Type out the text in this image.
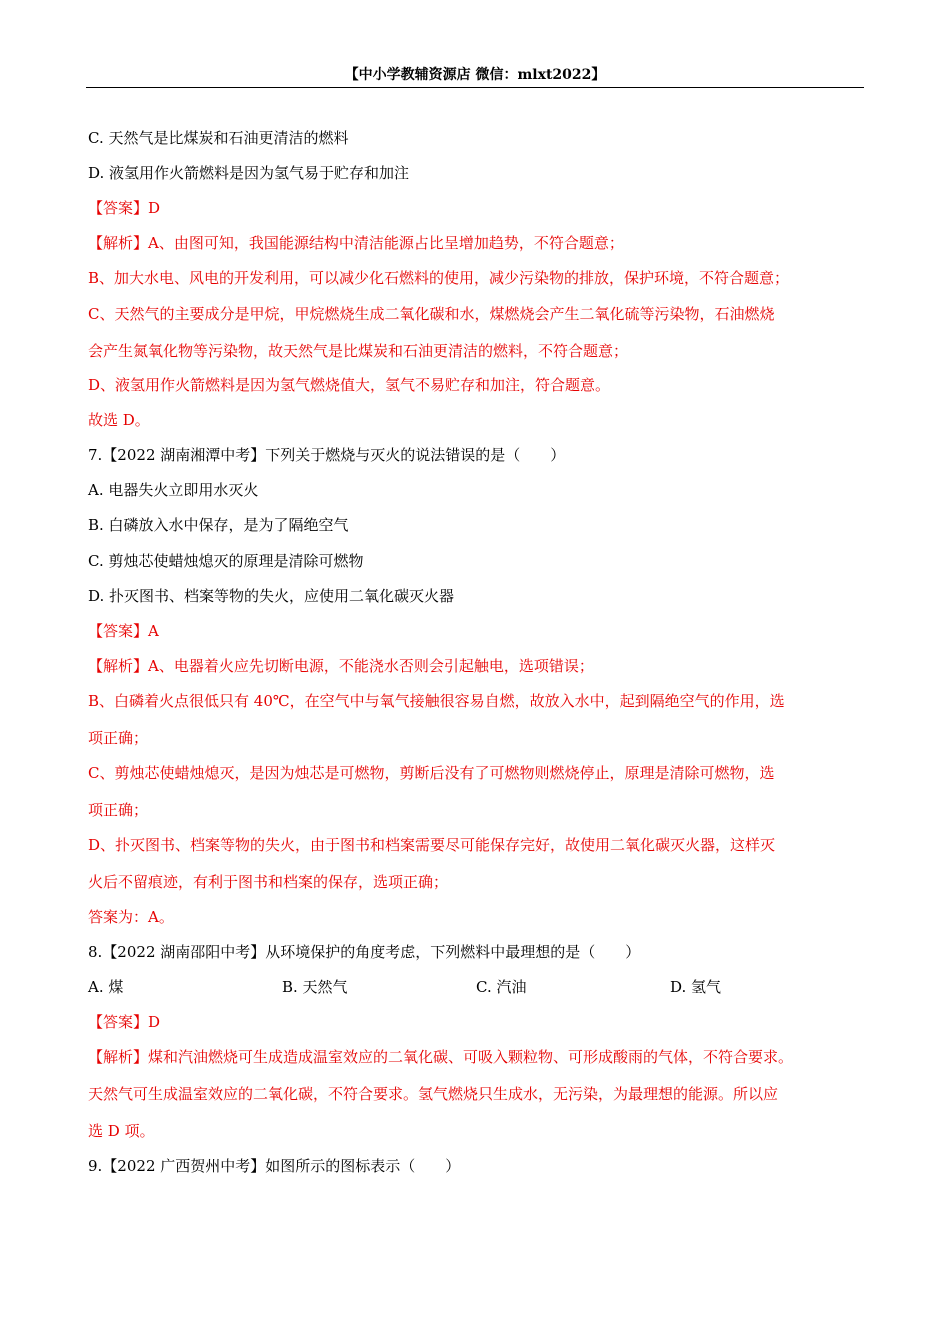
【中小学教辅资源店 微信：mlxt2022】
C. 天然气是比煤炭和石油更清洁的燃料
D. 液氢用作火箭燃料是因为氢气易于贮存和加注
【答案】D
【解析】A、由图可知，我国能源结构中清洁能源占比呈增加趋势，不符合题意；
B、加大水电、风电的开发利用，可以减少化石燃料的使用，减少污染物的排放，保护环境，不符合题意；
C、天然气的主要成分是甲烷，甲烷燃烧生成二氧化碳和水，煤燃烧会产生二氧化硫等污染物，石油燃烧
会产生氮氧化物等污染物，故天然气是比煤炭和石油更清洁的燃料，不符合题意；
D、液氢用作火箭燃料是因为氢气燃烧值大，氢气不易贮存和加注，符合题意。
故选 D。
7.【2022 湖南湘潭中考】下列关于燃烧与灭火的说法错误的是（　　）
A. 电器失火立即用水灭火
B. 白磷放入水中保存，是为了隔绝空气
C. 剪烛芯使蜡烛熄灭的原理是清除可燃物
D. 扑灭图书、档案等物的失火，应使用二氧化碳灭火器
【答案】A
【解析】A、电器着火应先切断电源，不能浇水否则会引起触电，选项错误；
B、白磷着火点很低只有 40℃，在空气中与氧气接触很容易自燃，故放入水中，起到隔绝空气的作用，选
项正确；
C、剪烛芯使蜡烛熄灭，是因为烛芯是可燃物，剪断后没有了可燃物则燃烧停止，原理是清除可燃物，选
项正确；
D、扑灭图书、档案等物的失火，由于图书和档案需要尽可能保存完好，故使用二氧化碳灭火器，这样灭
火后不留痕迹，有利于图书和档案的保存，选项正确；
答案为：A。
8.【2022 湖南邵阳中考】从环境保护的角度考虑，下列燃料中最理想的是（　　）
A. 煤	B. 天然气	C. 汽油	D. 氢气
【答案】D
【解析】煤和汽油燃烧可生成造成温室效应的二氧化碳、可吸入颗粒物、可形成酸雨的气体，不符合要求。
天然气可生成温室效应的二氧化碳，不符合要求。氢气燃烧只生成水，无污染，为最理想的能源。所以应
选 D 项。
9.【2022 广西贺州中考】如图所示的图标表示（　　）
